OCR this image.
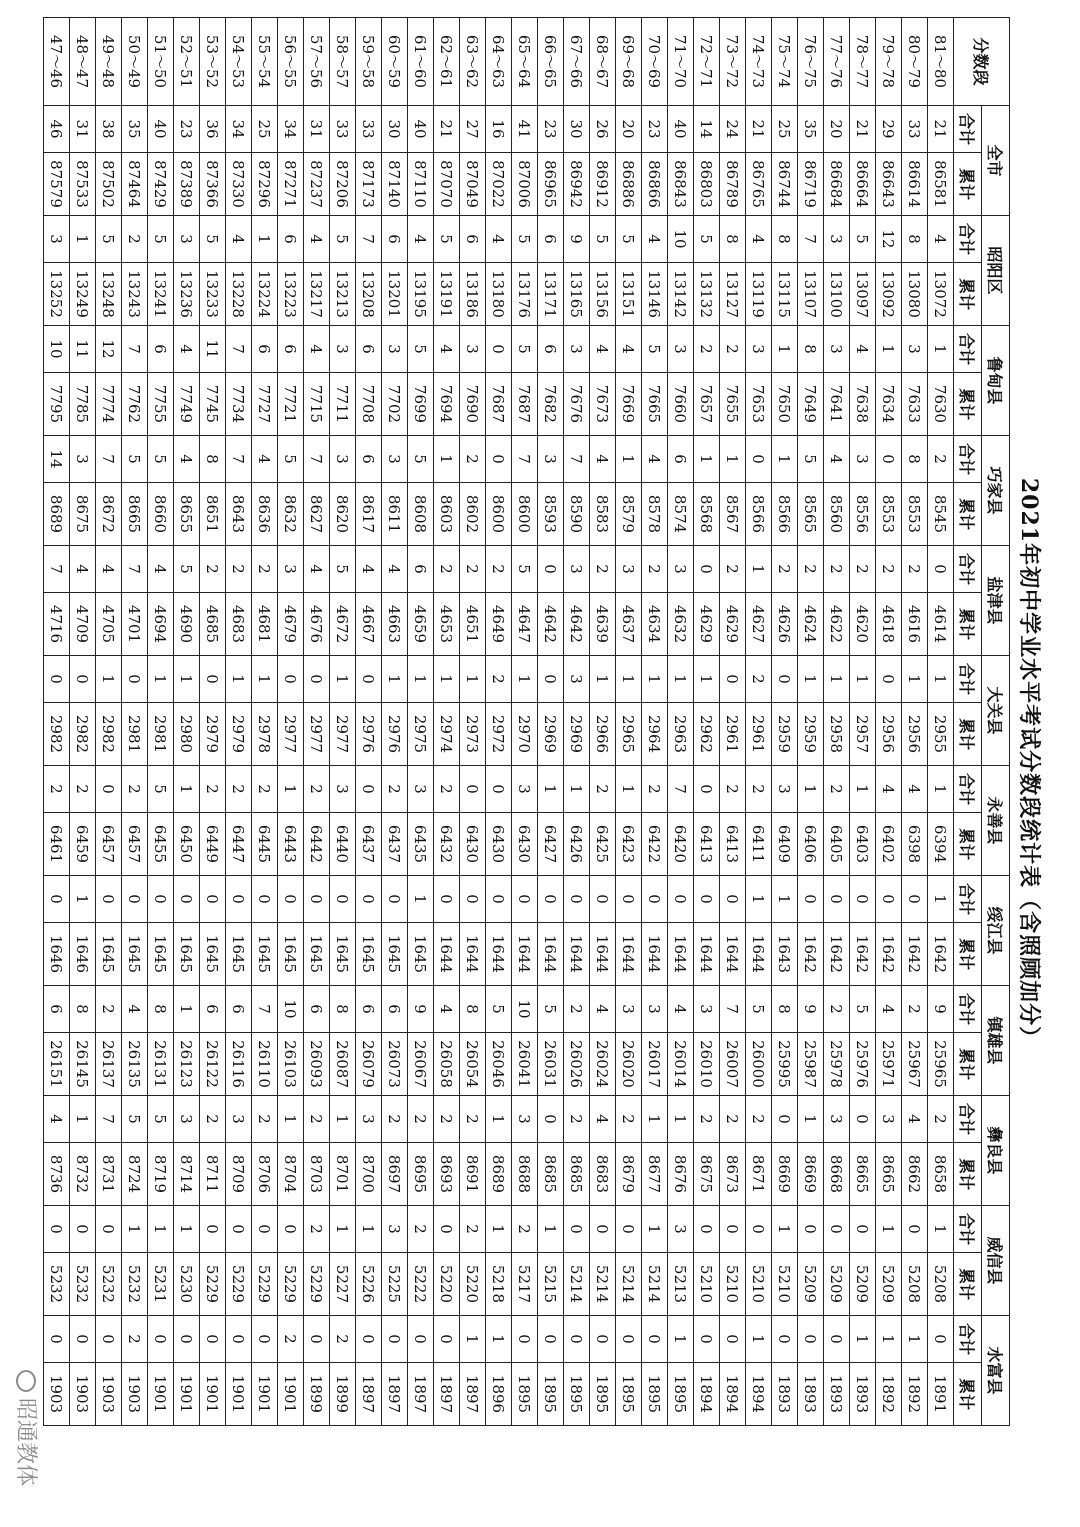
2021年初中学业水平考试分数段统计表（含照顾加分）
分数段	全市		昭阳区		鲁甸县		巧家县		盐津县		大关县		永善县		绥江县		镇雄县		彝良县		威信县		水富县	
	合计	累计	合计	累计	合计	累计	合计	累计	合计	累计	合计	累计	合计	累计	合计	累计	合计	累计	合计	累计	合计	累计	合计	累计
81～80	21	86581	4	13072	1	7630	2	8545	0	4614	1	2955	1	6394	1	1642	9	25965	2	8658	1	5208	0	1891
80～79	33	86614	8	13080	3	7633	8	8553	2	4616	1	2956	4	6398	0	1642	2	25967	4	8662	0	5208	1	1892
79～78	29	86643	12	13092	1	7634	0	8553	2	4618	0	2956	4	6402	0	1642	4	25971	3	8665	1	5209	1	1892
78～77	21	86664	5	13097	4	7638	3	8556	2	4620	1	2957	1	6403	0	1642	5	25976	0	8665	0	5209	1	1893
77～76	20	86684	3	13100	3	7641	4	8560	2	4622	1	2958	2	6405	0	1642	2	25978	3	8668	0	5209	0	1893
76～75	35	86719	7	13107	8	7649	5	8565	2	4624	1	2959	1	6406	0	1642	9	25987	1	8669	0	5209	0	1893
75～74	25	86744	8	13115	1	7650	1	8566	2	4626	0	2959	3	6409	1	1643	8	25995	0	8669	1	5210	0	1893
74～73	21	86765	4	13119	3	7653	0	8566	1	4627	2	2961	2	6411	1	1644	5	26000	2	8671	0	5210	1	1894
73～72	24	86789	8	13127	2	7655	1	8567	2	4629	0	2961	2	6413	0	1644	7	26007	2	8673	0	5210	0	1894
72～71	14	86803	5	13132	2	7657	1	8568	0	4629	1	2962	0	6413	0	1644	3	26010	2	8675	0	5210	0	1894
71～70	40	86843	10	13142	3	7660	6	8574	3	4632	1	2963	7	6420	0	1644	4	26014	1	8676	3	5213	1	1895
70～69	23	86866	4	13146	5	7665	4	8578	2	4634	1	2964	2	6422	0	1644	3	26017	1	8677	1	5214	0	1895
69～68	20	86886	5	13151	4	7669	1	8579	3	4637	1	2965	1	6423	0	1644	3	26020	2	8679	0	5214	0	1895
68～67	26	86912	5	13156	4	7673	4	8583	2	4639	1	2966	2	6425	0	1644	4	26024	4	8683	0	5214	0	1895
67～66	30	86942	9	13165	3	7676	7	8590	3	4642	3	2969	1	6426	0	1644	2	26026	2	8685	0	5214	0	1895
66～65	23	86965	6	13171	6	7682	3	8593	0	4642	0	2969	1	6427	0	1644	5	26031	0	8685	1	5215	0	1895
65～64	41	87006	5	13176	5	7687	7	8600	5	4647	1	2970	3	6430	0	1644	10	26041	3	8688	2	5217	0	1895
64～63	16	87022	4	13180	0	7687	0	8600	2	4649	2	2972	0	6430	0	1644	5	26046	1	8689	1	5218	1	1896
63～62	27	87049	6	13186	3	7690	2	8602	2	4651	1	2973	0	6430	0	1644	8	26054	2	8691	2	5220	1	1897
62～61	21	87070	5	13191	4	7694	1	8603	2	4653	1	2974	2	6432	0	1644	4	26058	2	8693	0	5220	0	1897
61～60	40	87110	4	13195	5	7699	5	8608	6	4659	1	2975	3	6435	1	1645	9	26067	2	8695	2	5222	0	1897
60～59	30	87140	6	13201	3	7702	3	8611	4	4663	1	2976	2	6437	0	1645	6	26073	2	8697	3	5225	0	1897
59～58	33	87173	7	13208	6	7708	6	8617	4	4667	0	2976	0	6437	0	1645	6	26079	3	8700	1	5226	0	1897
58～57	33	87206	5	13213	3	7711	3	8620	5	4672	1	2977	3	6440	0	1645	8	26087	1	8701	1	5227	2	1899
57～56	31	87237	4	13217	4	7715	7	8627	4	4676	0	2977	2	6442	0	1645	6	26093	2	8703	2	5229	0	1899
56～55	34	87271	6	13223	6	7721	5	8632	3	4679	0	2977	1	6443	0	1645	10	26103	1	8704	0	5229	2	1901
55～54	25	87296	1	13224	6	7727	4	8636	2	4681	1	2978	2	6445	0	1645	7	26110	2	8706	0	5229	0	1901
54～53	34	87330	4	13228	7	7734	7	8643	2	4683	1	2979	2	6447	0	1645	6	26116	3	8709	0	5229	0	1901
53～52	36	87366	5	13233	11	7745	8	8651	2	4685	0	2979	2	6449	0	1645	6	26122	2	8711	0	5229	0	1901
52～51	23	87389	3	13236	4	7749	4	8655	5	4690	1	2980	1	6450	0	1645	1	26123	3	8714	1	5230	0	1901
51～50	40	87429	5	13241	6	7755	5	8660	4	4694	1	2981	5	6455	0	1645	8	26131	5	8719	1	5231	0	1901
50～49	35	87464	2	13243	7	7762	5	8665	7	4701	0	2981	2	6457	0	1645	4	26135	5	8724	1	5232	2	1903
49～48	38	87502	5	13248	12	7774	7	8672	4	4705	1	2982	0	6457	0	1645	2	26137	7	8731	0	5232	0	1903
48～47	31	87533	1	13249	11	7785	3	8675	4	4709	0	2982	2	6459	1	1646	8	26145	1	8732	0	5232	0	1903
47～46	46	87579	3	13252	10	7795	14	8689	7	4716	0	2982	2	6461	0	1646	6	26151	4	8736	0	5232	0	1903
昭通教体
